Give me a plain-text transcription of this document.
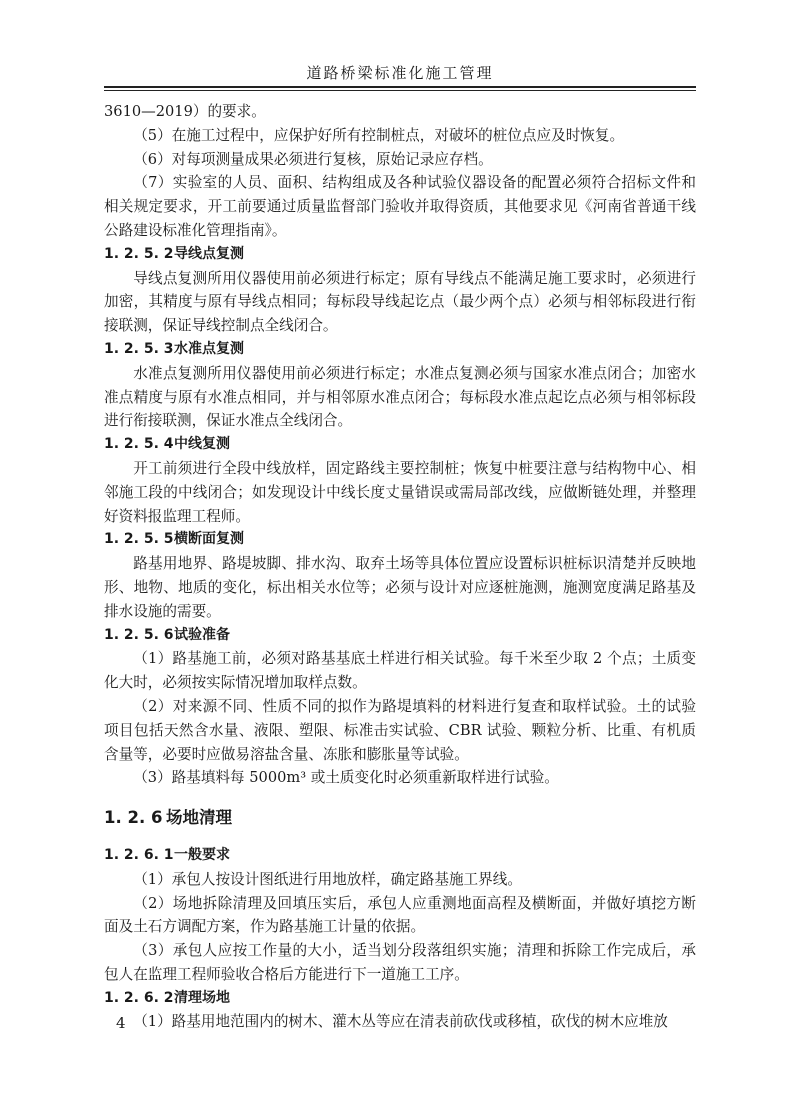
道路桥梁标准化施工管理

3610—2019）的要求。

（5）在施工过程中，应保护好所有控制桩点，对破坏的桩位点应及时恢复。

（6）对每项测量成果必须进行复核，原始记录应存档。

（7）实验室的人员、面积、结构组成及各种试验仪器设备的配置必须符合招标文件和相关规定要求，开工前要通过质量监督部门验收并取得资质，其他要求见《河南省普通干线公路建设标准化管理指南》。

1. 2. 5. 2导线点复测

导线点复测所用仪器使用前必须进行标定；原有导线点不能满足施工要求时，必须进行加密，其精度与原有导线点相同；每标段导线起讫点（最少两个点）必须与相邻标段进行衔接联测，保证导线控制点全线闭合。

1. 2. 5. 3水准点复测

水准点复测所用仪器使用前必须进行标定；水准点复测必须与国家水准点闭合；加密水准点精度与原有水准点相同，并与相邻原水准点闭合；每标段水准点起讫点必须与相邻标段进行衔接联测，保证水准点全线闭合。

1. 2. 5. 4中线复测

开工前须进行全段中线放样，固定路线主要控制桩；恢复中桩要注意与结构物中心、相邻施工段的中线闭合；如发现设计中线长度丈量错误或需局部改线，应做断链处理，并整理好资料报监理工程师。

1. 2. 5. 5横断面复测

路基用地界、路堤坡脚、排水沟、取弃土场等具体位置应设置标识桩标识清楚并反映地形、地物、地质的变化，标出相关水位等；必须与设计对应逐桩施测，施测宽度满足路基及排水设施的需要。

1. 2. 5. 6试验准备

（1）路基施工前，必须对路基基底土样进行相关试验。每千米至少取 2 个点；土质变化大时，必须按实际情况增加取样点数。

（2）对来源不同、性质不同的拟作为路堤填料的材料进行复查和取样试验。土的试验项目包括天然含水量、液限、塑限、标准击实试验、CBR 试验、颗粒分析、比重、有机质含量等，必要时应做易溶盐含量、冻胀和膨胀量等试验。

（3）路基填料每 5000m³ 或土质变化时必须重新取样进行试验。

1. 2. 6 场地清理
1. 2. 6. 1一般要求

（1）承包人按设计图纸进行用地放样，确定路基施工界线。

（2）场地拆除清理及回填压实后，承包人应重测地面高程及横断面，并做好填挖方断面及土石方调配方案，作为路基施工计量的依据。

（3）承包人应按工作量的大小，适当划分段落组织实施；清理和拆除工作完成后，承包人在监理工程师验收合格后方能进行下一道施工工序。

1. 2. 6. 2清理场地

（1）路基用地范围内的树木、灌木丛等应在清表前砍伐或移植，砍伐的树木应堆放

4
